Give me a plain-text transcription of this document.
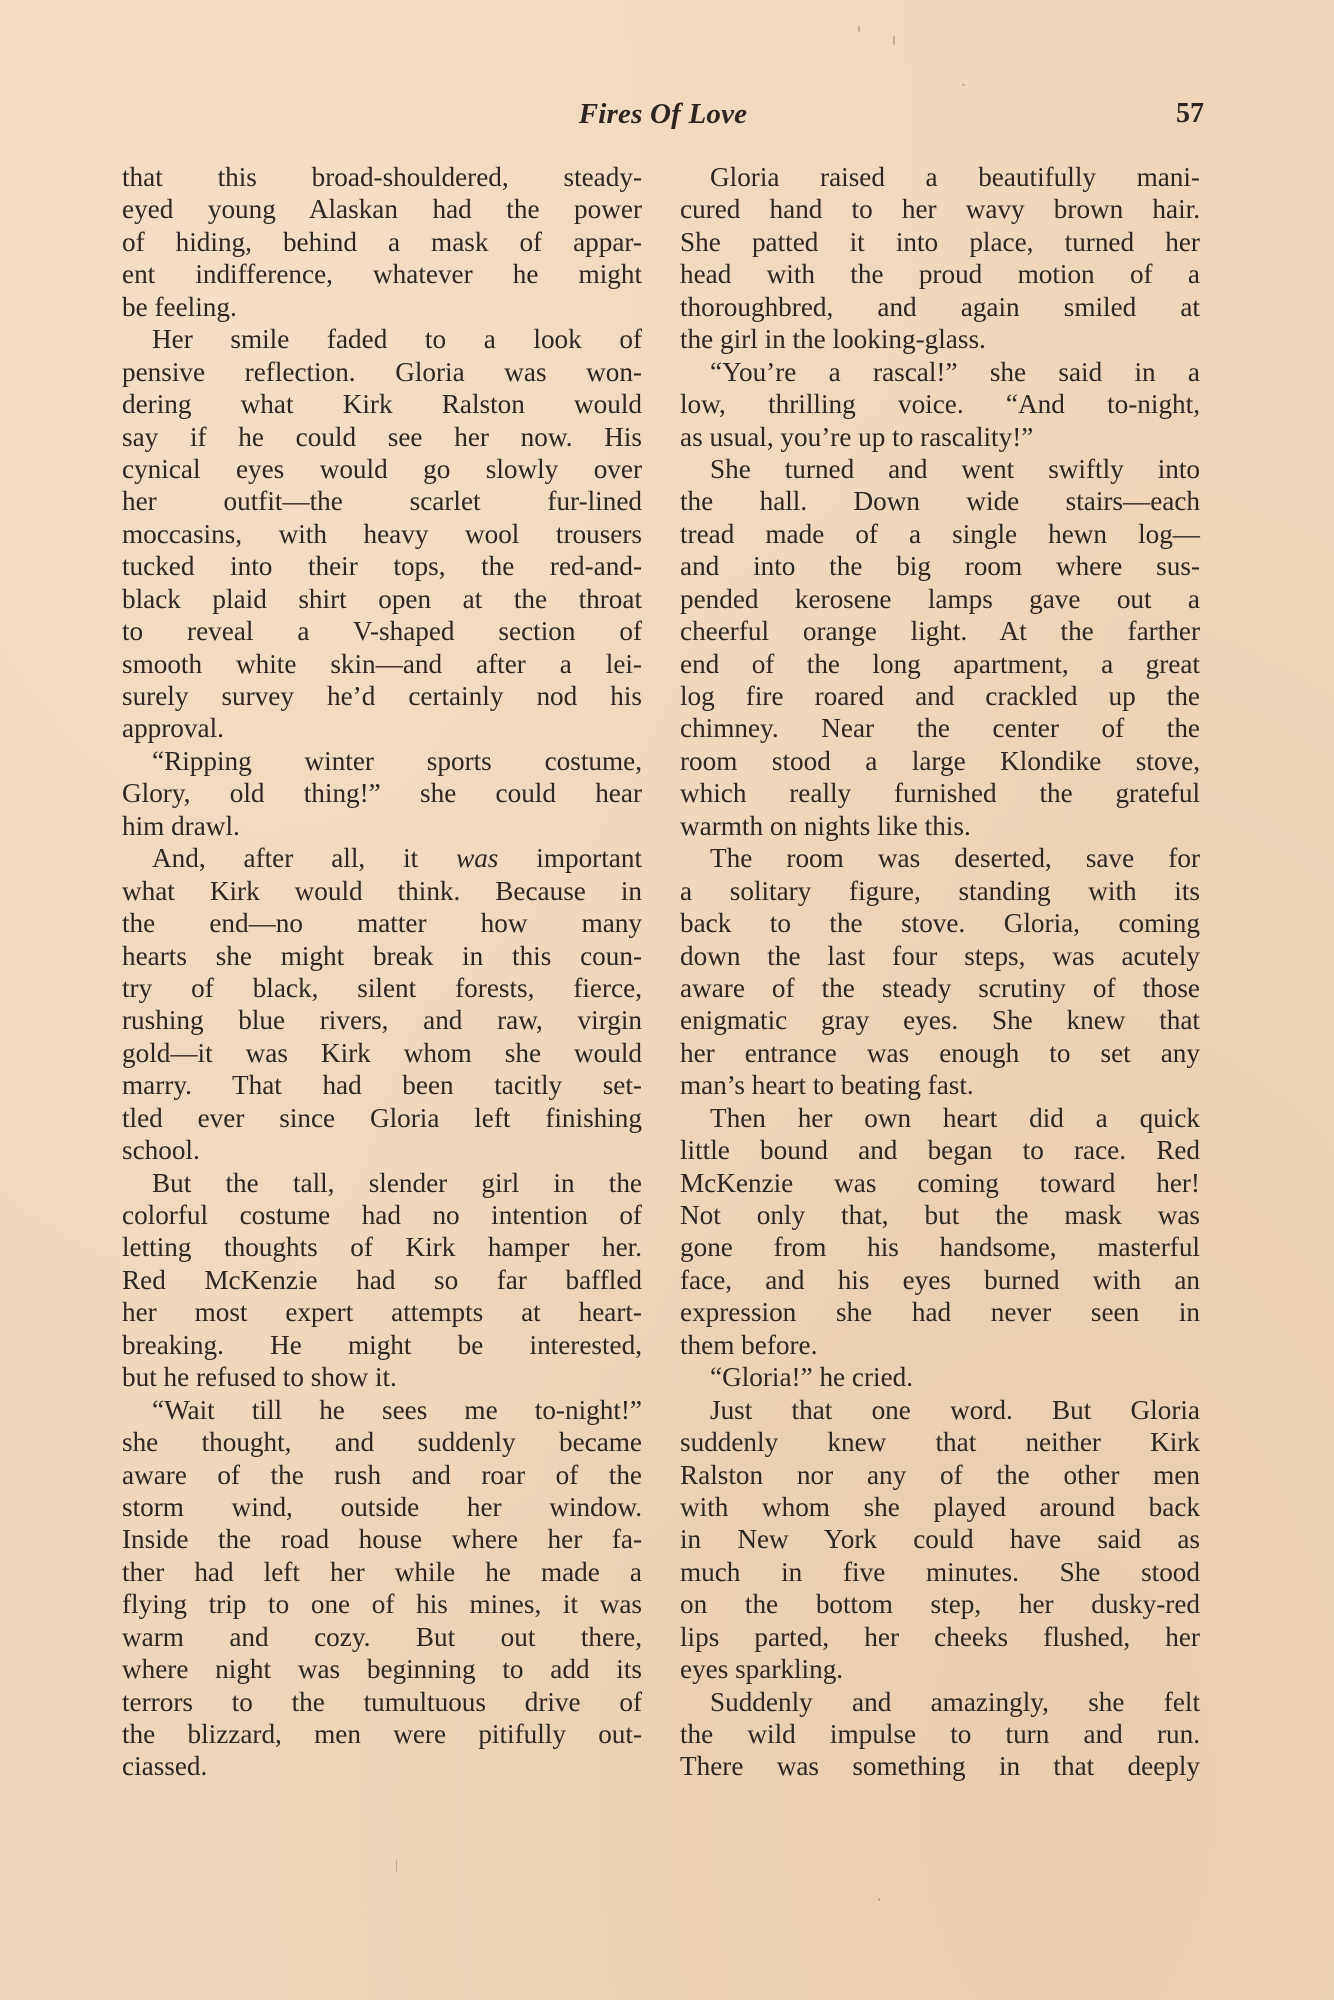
Fires Of Love	57
that this broad-shouldered, steady-
eyed young Alaskan had the power
of hiding, behind a mask of appar-
ent indifference, whatever he might
be feeling.
Her smile faded to a look of
pensive reflection. Gloria was won-
dering what Kirk Ralston would
say if he could see her now. His
cynical eyes would go slowly over
her outfit—the scarlet fur-lined
moccasins, with heavy wool trousers
tucked into their tops, the red-and-
black plaid shirt open at the throat
to reveal a V-shaped section of
smooth white skin—and after a lei-
surely survey he’d certainly nod his
approval.
“Ripping winter sports costume,
Glory, old thing!” she could hear
him drawl.
And, after all, it was important
what Kirk would think. Because in
the end—no matter how many
hearts she might break in this coun-
try of black, silent forests, fierce,
rushing blue rivers, and raw, virgin
gold—it was Kirk whom she would
marry. That had been tacitly set-
tled ever since Gloria left finishing
school.
But the tall, slender girl in the
colorful costume had no intention of
letting thoughts of Kirk hamper her.
Red McKenzie had so far baffled
her most expert attempts at heart-
breaking. He might be interested,
but he refused to show it.
“Wait till he sees me to-night!”
she thought, and suddenly became
aware of the rush and roar of the
storm wind, outside her window.
Inside the road house where her fa-
ther had left her while he made a
flying trip to one of his mines, it was
warm and cozy. But out there,
where night was beginning to add its
terrors to the tumultuous drive of
the blizzard, men were pitifully out-
ciassed.
Gloria raised a beautifully mani-
cured hand to her wavy brown hair.
She patted it into place, turned her
head with the proud motion of a
thoroughbred, and again smiled at
the girl in the looking-glass.
“You’re a rascal!” she said in a
low, thrilling voice. “And to-night,
as usual, you’re up to rascality!”
She turned and went swiftly into
the hall. Down wide stairs—each
tread made of a single hewn log—
and into the big room where sus-
pended kerosene lamps gave out a
cheerful orange light. At the farther
end of the long apartment, a great
log fire roared and crackled up the
chimney. Near the center of the
room stood a large Klondike stove,
which really furnished the grateful
warmth on nights like this.
The room was deserted, save for
a solitary figure, standing with its
back to the stove. Gloria, coming
down the last four steps, was acutely
aware of the steady scrutiny of those
enigmatic gray eyes. She knew that
her entrance was enough to set any
man’s heart to beating fast.
Then her own heart did a quick
little bound and began to race. Red
McKenzie was coming toward her!
Not only that, but the mask was
gone from his handsome, masterful
face, and his eyes burned with an
expression she had never seen in
them before.
“Gloria!” he cried.
Just that one word. But Gloria
suddenly knew that neither Kirk
Ralston nor any of the other men
with whom she played around back
in New York could have said as
much in five minutes. She stood
on the bottom step, her dusky-red
lips parted, her cheeks flushed, her
eyes sparkling.
Suddenly and amazingly, she felt
the wild impulse to turn and run.
There was something in that deeply
